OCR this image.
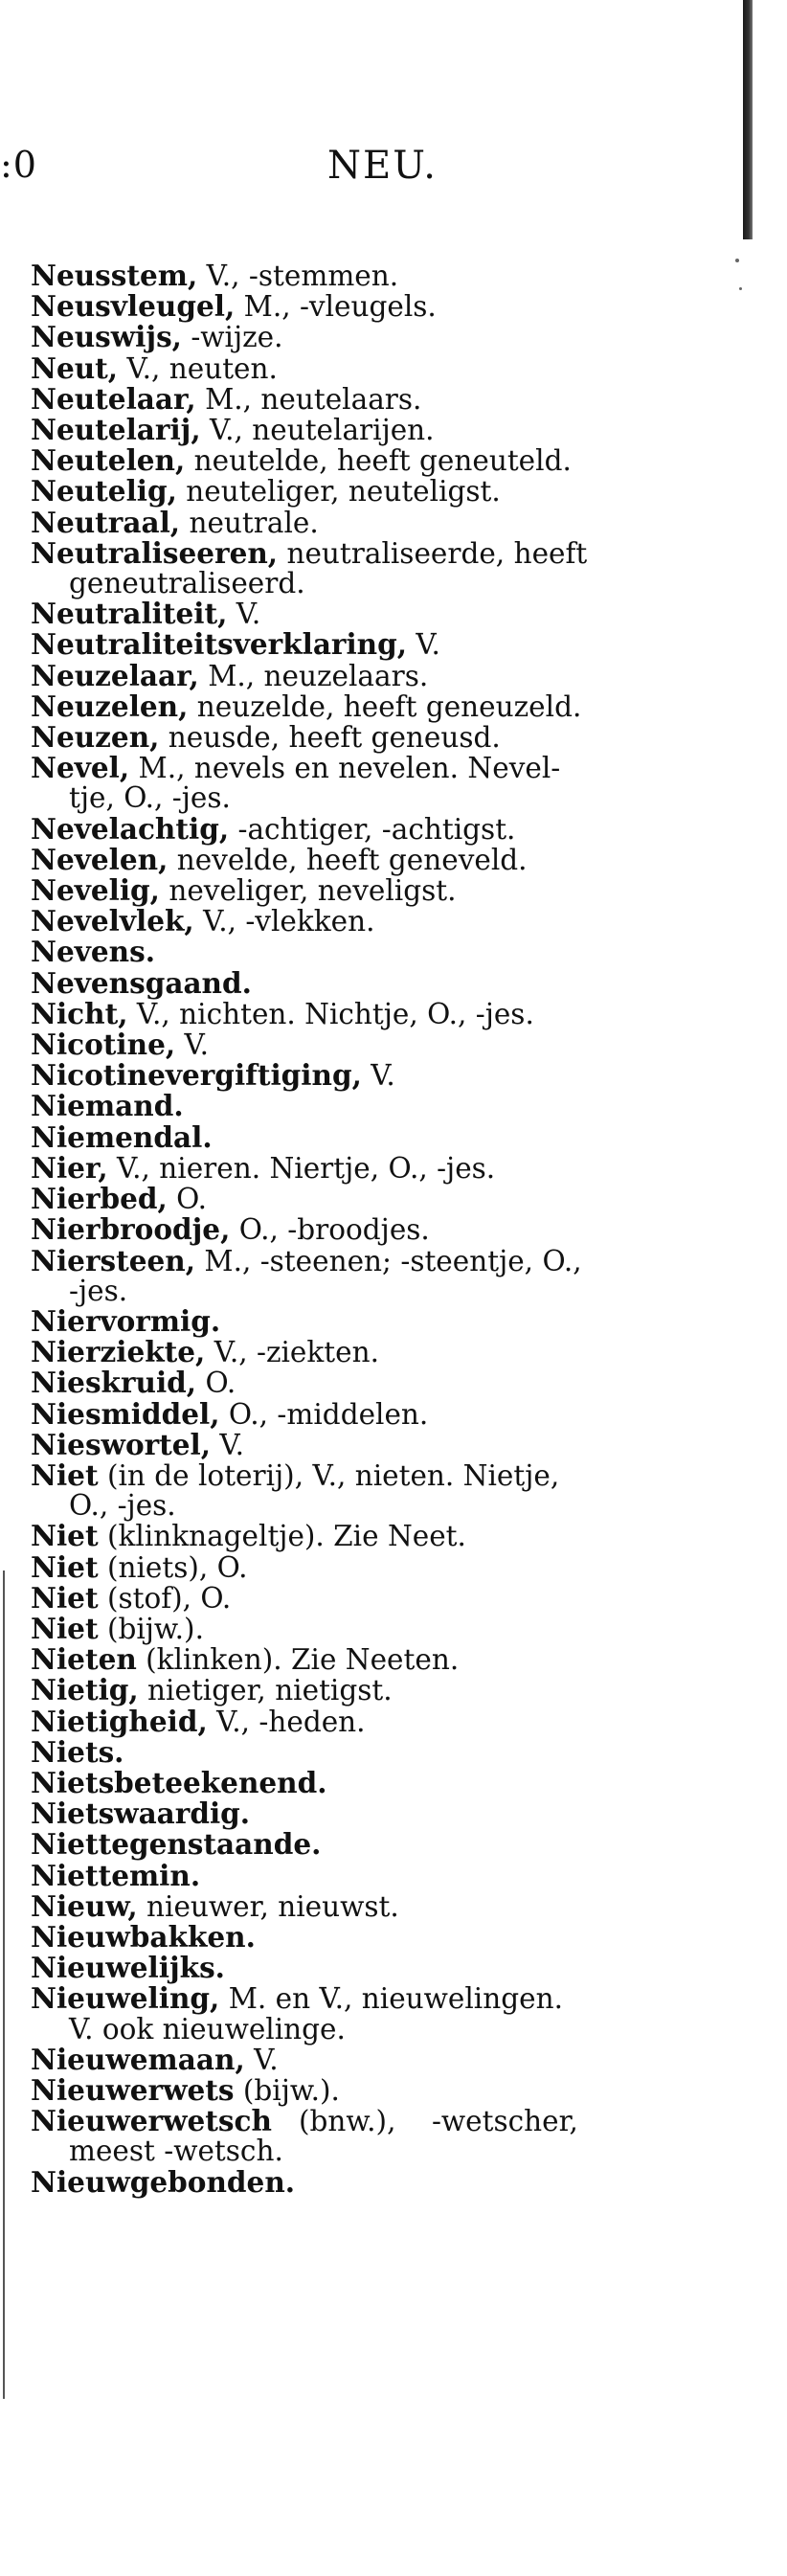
:0	NEU.
Neusstem, V., -stemmen.
Neusvleugel, M., -vleugels.
Neuswijs, -wijze.
Neut, V., neuten.
Neutelaar, M., neutelaars.
Neutelarij, V., neutelarijen.
Neutelen, neutelde, heeft geneuteld.
Neutelig, neuteliger, neuteligst.
Neutraal, neutrale.
Neutraliseeren, neutraliseerde, heeft
geneutraliseerd.
Neutraliteit, V.
Neutraliteitsverklaring, V.
Neuzelaar, M., neuzelaars.
Neuzelen, neuzelde, heeft geneuzeld.
Neuzen, neusde, heeft geneusd.
Nevel, M., nevels en nevelen. Nevel-
tje, O., -jes.
Nevelachtig, -achtiger, -achtigst.
Nevelen, nevelde, heeft geneveld.
Nevelig, neveliger, neveligst.
Nevelvlek, V., -vlekken.
Nevens.
Nevensgaand.
Nicht, V., nichten. Nichtje, O., -jes.
Nicotine, V.
Nicotinevergiftiging, V.
Niemand.
Niemendal.
Nier, V., nieren. Niertje, O., -jes.
Nierbed, O.
Nierbroodje, O., -broodjes.
Niersteen, M., -steenen; -steentje, O.,
-jes.
Niervormig.
Nierziekte, V., -ziekten.
Nieskruid, O.
Niesmiddel, O., -middelen.
Nieswortel, V.
Niet (in de loterij), V., nieten. Nietje,
O., -jes.
Niet (klinknageltje). Zie Neet.
Niet (niets), O.
Niet (stof), O.
Niet (bijw.).
Nieten (klinken). Zie Neeten.
Nietig, nietiger, nietigst.
Nietigheid, V., -heden.
Niets.
Nietsbeteekenend.
Nietswaardig.
Niettegenstaande.
Niettemin.
Nieuw, nieuwer, nieuwst.
Nieuwbakken.
Nieuwelijks.
Nieuweling, M. en V., nieuwelingen.
V. ook nieuwelinge.
Nieuwemaan, V.
Nieuwerwets (bijw.).
Nieuwerwetsch   (bnw.),    -wetscher,
meest -wetsch.
Nieuwgebonden.
